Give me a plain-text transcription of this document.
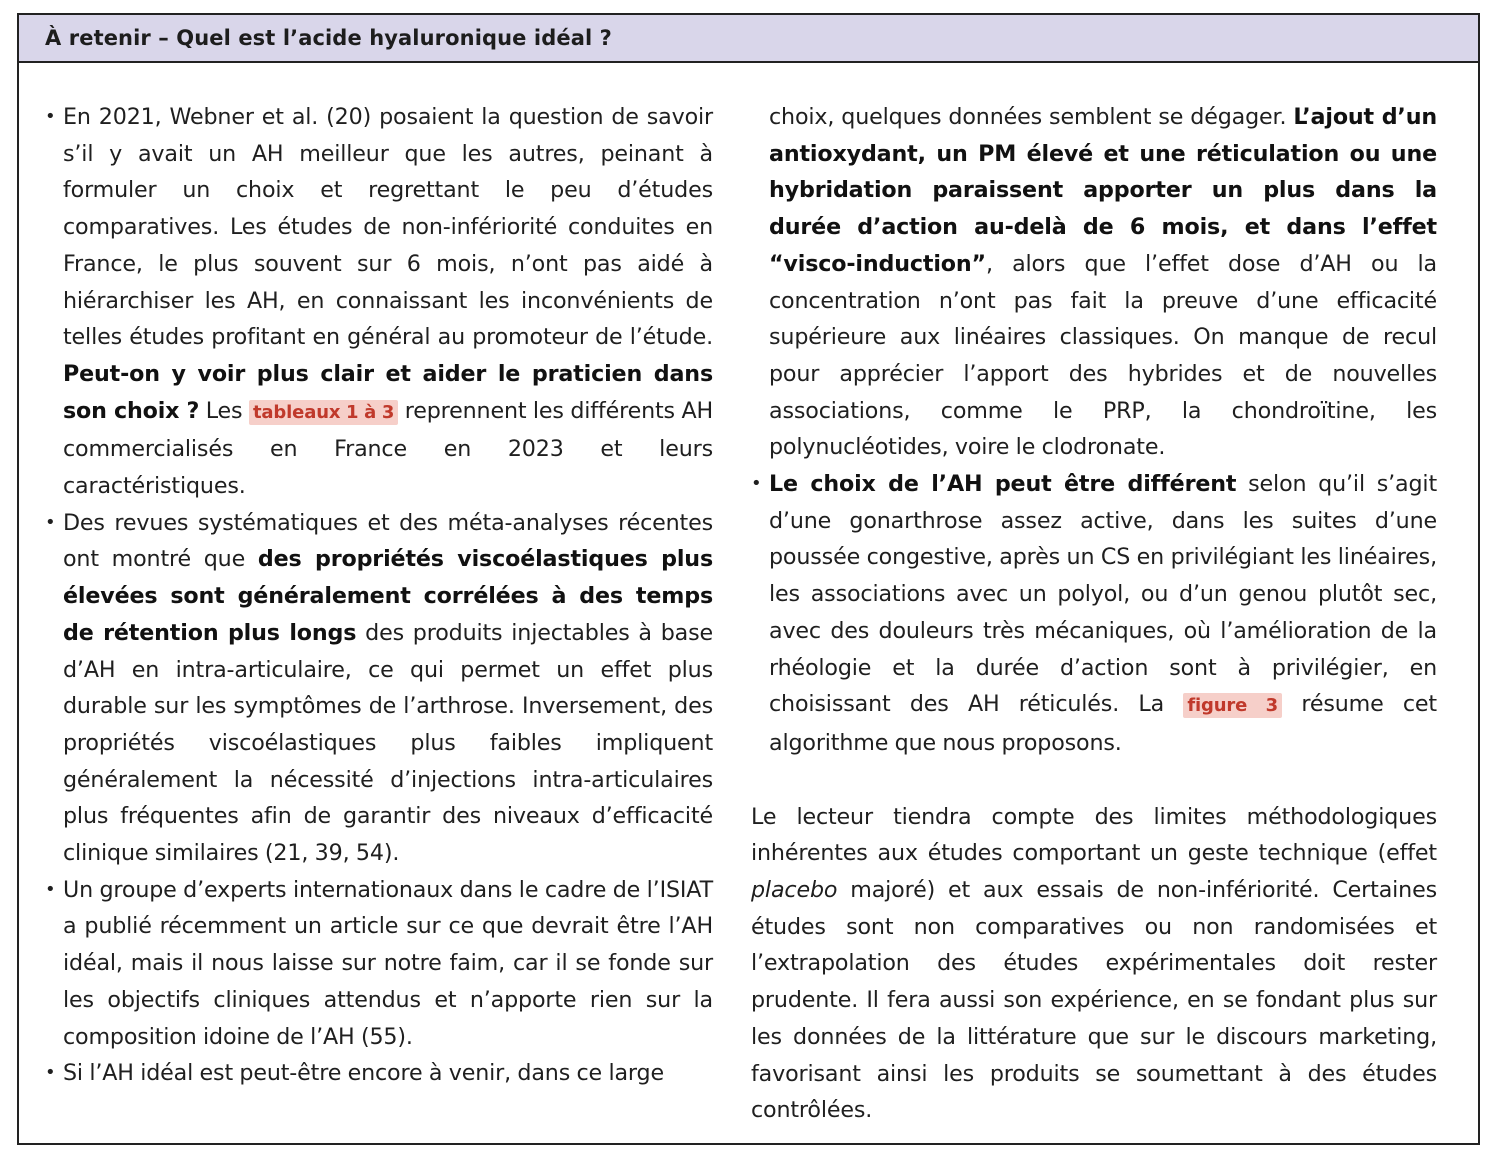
À retenir – Quel est l’acide hyaluronique idéal ?
• En 2021, Webner et al. (20) posaient la question de savoir s’il y avait un AH meilleur que les autres, peinant à formuler un choix et regrettant le peu d’études comparatives. Les études de non-infériorité conduites en France, le plus souvent sur 6 mois, n’ont pas aidé à hiérarchiser les AH, en connaissant les inconvénients de telles études profitant en général au promoteur de l’étude. Peut-on y voir plus clair et aider le praticien dans son choix ? Les tableaux 1 à 3 reprennent les différents AH commercialisés en France en 2023 et leurs caractéristiques.
• Des revues systématiques et des méta-analyses récentes ont montré que des propriétés viscoélastiques plus élevées sont généralement corrélées à des temps de rétention plus longs des produits injectables à base d’AH en intra-articulaire, ce qui permet un effet plus durable sur les symptômes de l’arthrose. Inversement, des propriétés viscoélastiques plus faibles impliquent généralement la nécessité d’injections intra-articulaires plus fréquentes afin de garantir des niveaux d’efficacité clinique similaires (21, 39, 54).
• Un groupe d’experts internationaux dans le cadre de l’ISIAT a publié récemment un article sur ce que devrait être l’AH idéal, mais il nous laisse sur notre faim, car il se fonde sur les objectifs cliniques attendus et n’apporte rien sur la composition idoine de l’AH (55).
• Si l’AH idéal est peut-être encore à venir, dans ce large
choix, quelques données semblent se dégager. L’ajout d’un antioxydant, un PM élevé et une réticulation ou une hybridation paraissent apporter un plus dans la durée d’action au-delà de 6 mois, et dans l’effet “visco-induction”, alors que l’effet dose d’AH ou la concentration n’ont pas fait la preuve d’une efficacité supérieure aux linéaires classiques. On manque de recul pour apprécier l’apport des hybrides et de nouvelles associations, comme le PRP, la chondroïtine, les polynucléotides, voire le clodronate.
• Le choix de l’AH peut être différent selon qu’il s’agit d’une gonarthrose assez active, dans les suites d’une poussée congestive, après un CS en privilégiant les linéaires, les associations avec un polyol, ou d’un genou plutôt sec, avec des douleurs très mécaniques, où l’amélioration de la rhéologie et la durée d’action sont à privilégier, en choisissant des AH réticulés. La figure 3 résume cet algorithme que nous proposons.

Le lecteur tiendra compte des limites méthodologiques inhérentes aux études comportant un geste technique (effet placebo majoré) et aux essais de non-infériorité. Certaines études sont non comparatives ou non randomisées et l’extrapolation des études expérimentales doit rester prudente. Il fera aussi son expérience, en se fondant plus sur les données de la littérature que sur le discours marketing, favorisant ainsi les produits se soumettant à des études contrôlées.
